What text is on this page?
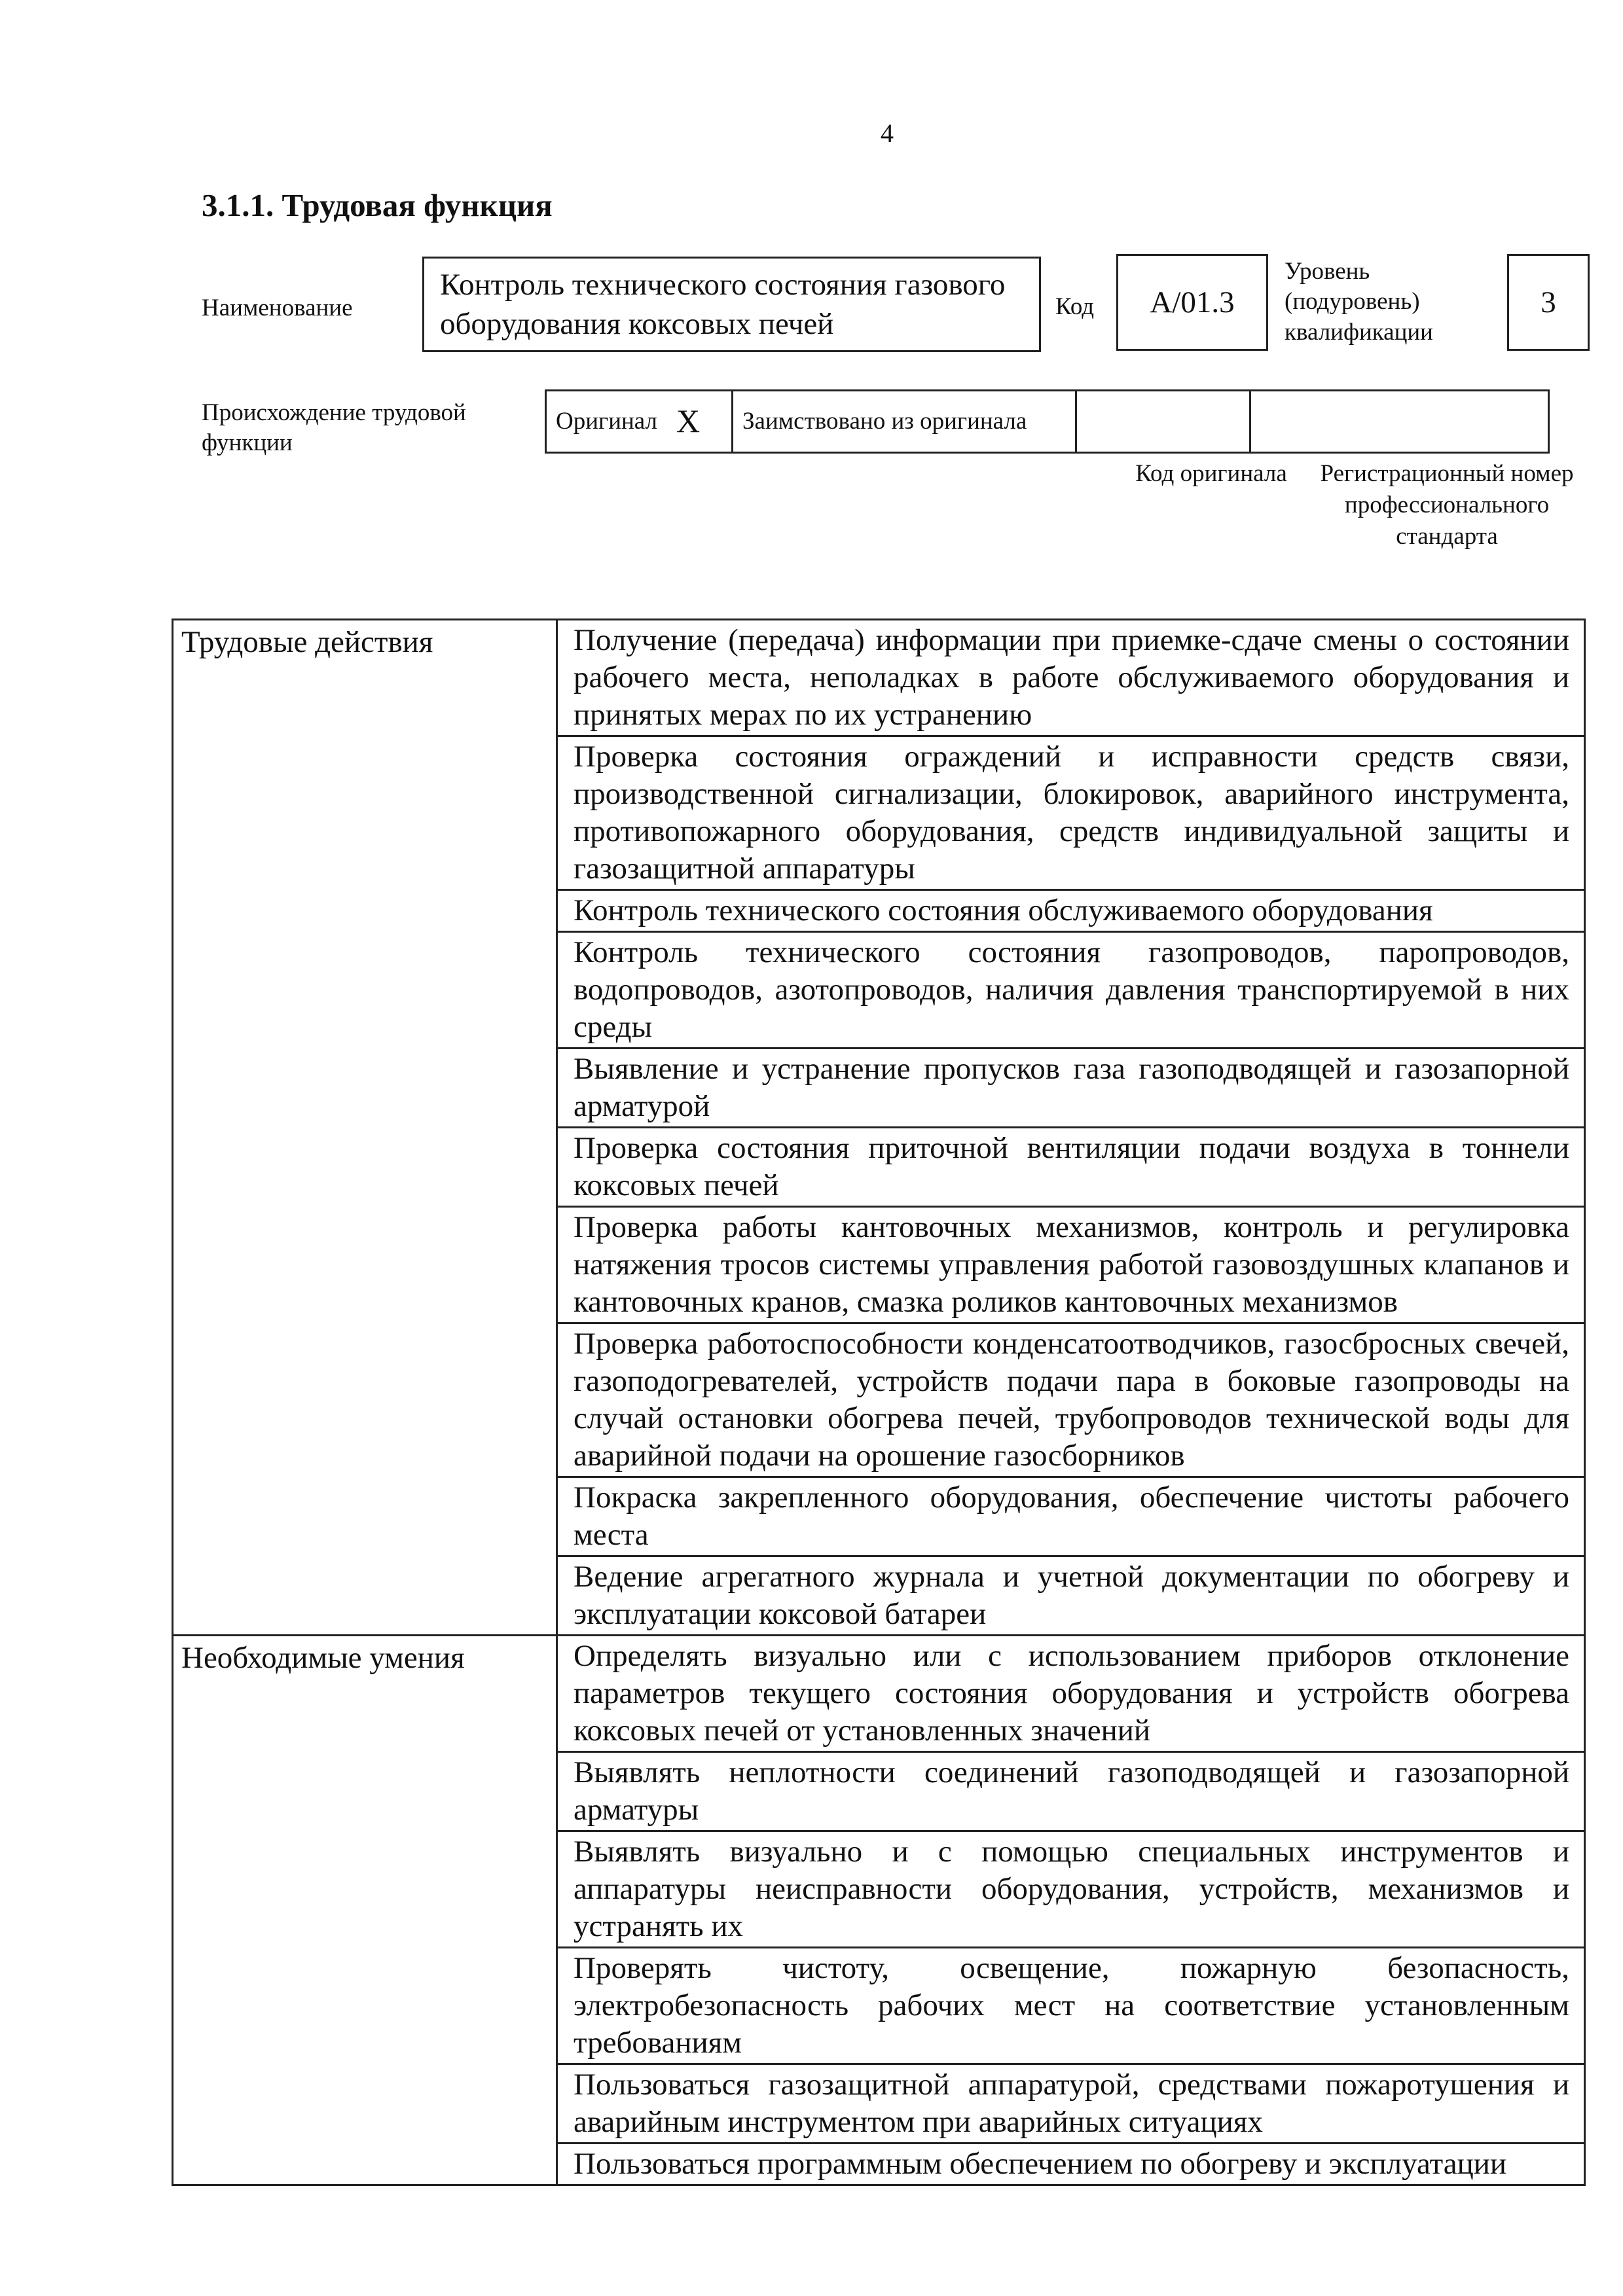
4
3.1.1. Трудовая функция
Наименование
Контроль технического состояния газового оборудования коксовых печей
Код	А/01.3
Уровень (подуровень) квалификации
3
Происхождение трудовой функции
Оригинал	X	Заимствовано из оригинала		
Код оригинала	Регистрационный номер профессионального стандарта
Трудовые действия	Получение (передача) информации при приемке-сдаче смены о состоянии рабочего места, неполадках в работе обслуживаемого оборудования и принятых мерах по их устранению
	Проверка состояния ограждений и исправности средств связи, производственной сигнализации, блокировок, аварийного инструмента, противопожарного оборудования, средств индивидуальной защиты и газозащитной аппаратуры
	Контроль технического состояния обслуживаемого оборудования
	Контроль технического состояния газопроводов, паропроводов, водопроводов, азотопроводов, наличия давления транспортируемой в них среды
	Выявление и устранение пропусков газа газоподводящей и газозапорной арматурой
	Проверка состояния приточной вентиляции подачи воздуха в тоннели коксовых печей
	Проверка работы кантовочных механизмов, контроль и регулировка натяжения тросов системы управления работой газовоздушных клапанов и кантовочных кранов, смазка роликов кантовочных механизмов
	Проверка работоспособности конденсатоотводчиков, газосбросных свечей, газоподогревателей, устройств подачи пара в боковые газопроводы на случай остановки обогрева печей, трубопроводов технической воды для аварийной подачи на орошение газосборников
	Покраска закрепленного оборудования, обеспечение чистоты рабочего места
	Ведение агрегатного журнала и учетной документации по обогреву и эксплуатации коксовой батареи
Необходимые умения	Определять визуально или с использованием приборов отклонение параметров текущего состояния оборудования и устройств обогрева коксовых печей от установленных значений
	Выявлять неплотности соединений газоподводящей и газозапорной арматуры
	Выявлять визуально и с помощью специальных инструментов и аппаратуры неисправности оборудования, устройств, механизмов и устранять их
	Проверять чистоту, освещение, пожарную безопасность, электробезопасность рабочих мест на соответствие установленным требованиям
	Пользоваться газозащитной аппаратурой, средствами пожаротушения и аварийным инструментом при аварийных ситуациях
	Пользоваться программным обеспечением по обогреву и эксплуатации
